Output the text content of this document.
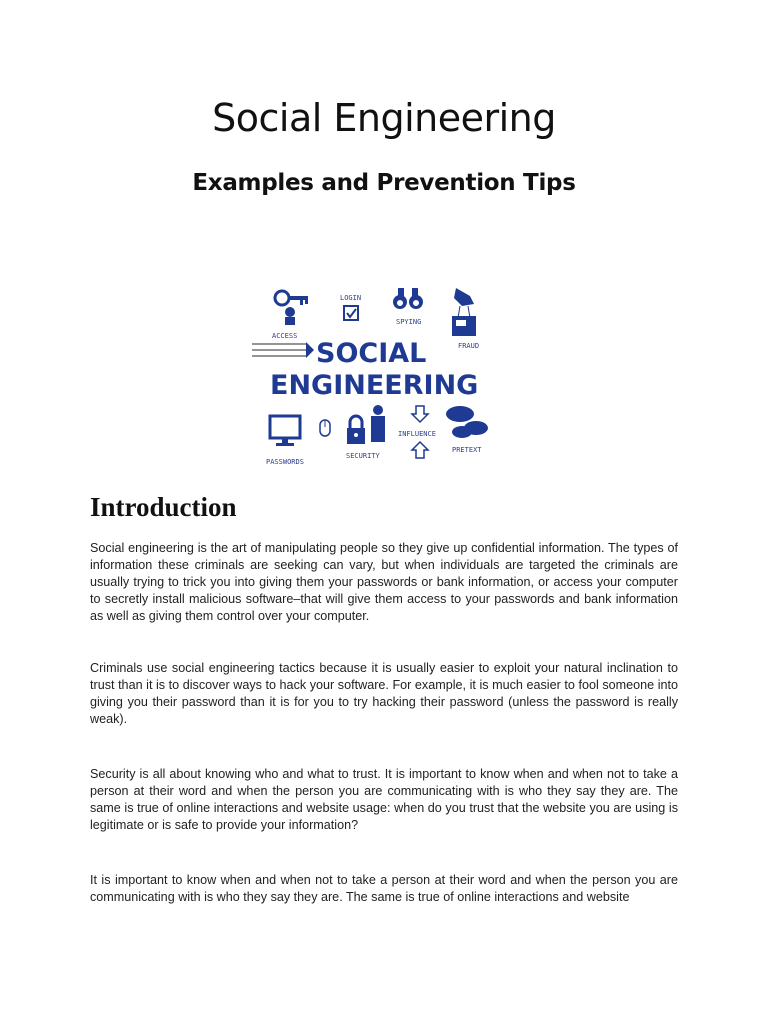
Social Engineering
Examples and Prevention Tips
ACCESS
LOGIN
SPYING
FRAUD
SOCIAL
ENGINEERING
PASSWORDS
SECURITY
INFLUENCE
PRETEXT
Introduction

Social engineering is the art of manipulating people so they give up confidential information. The types of information these criminals are seeking can vary, but when individuals are targeted the criminals are usually trying to trick you into giving them your passwords or bank information, or access your computer to secretly install malicious software–that will give them access to your passwords and bank information as well as giving them control over your computer.

Criminals use social engineering tactics because it is usually easier to exploit your natural inclination to trust than it is to discover ways to hack your software. For example, it is much easier to fool someone into giving you their password than it is for you to try hacking their password (unless the password is really weak).

Security is all about knowing who and what to trust. It is important to know when and when not to take a person at their word and when the person you are communicating with is who they say they are. The same is true of online interactions and website usage: when do you trust that the website you are using is legitimate or is safe to provide your information?

It is important to know when and when not to take a person at their word and when the person you are communicating with is who they say they are. The same is true of online interactions and website
